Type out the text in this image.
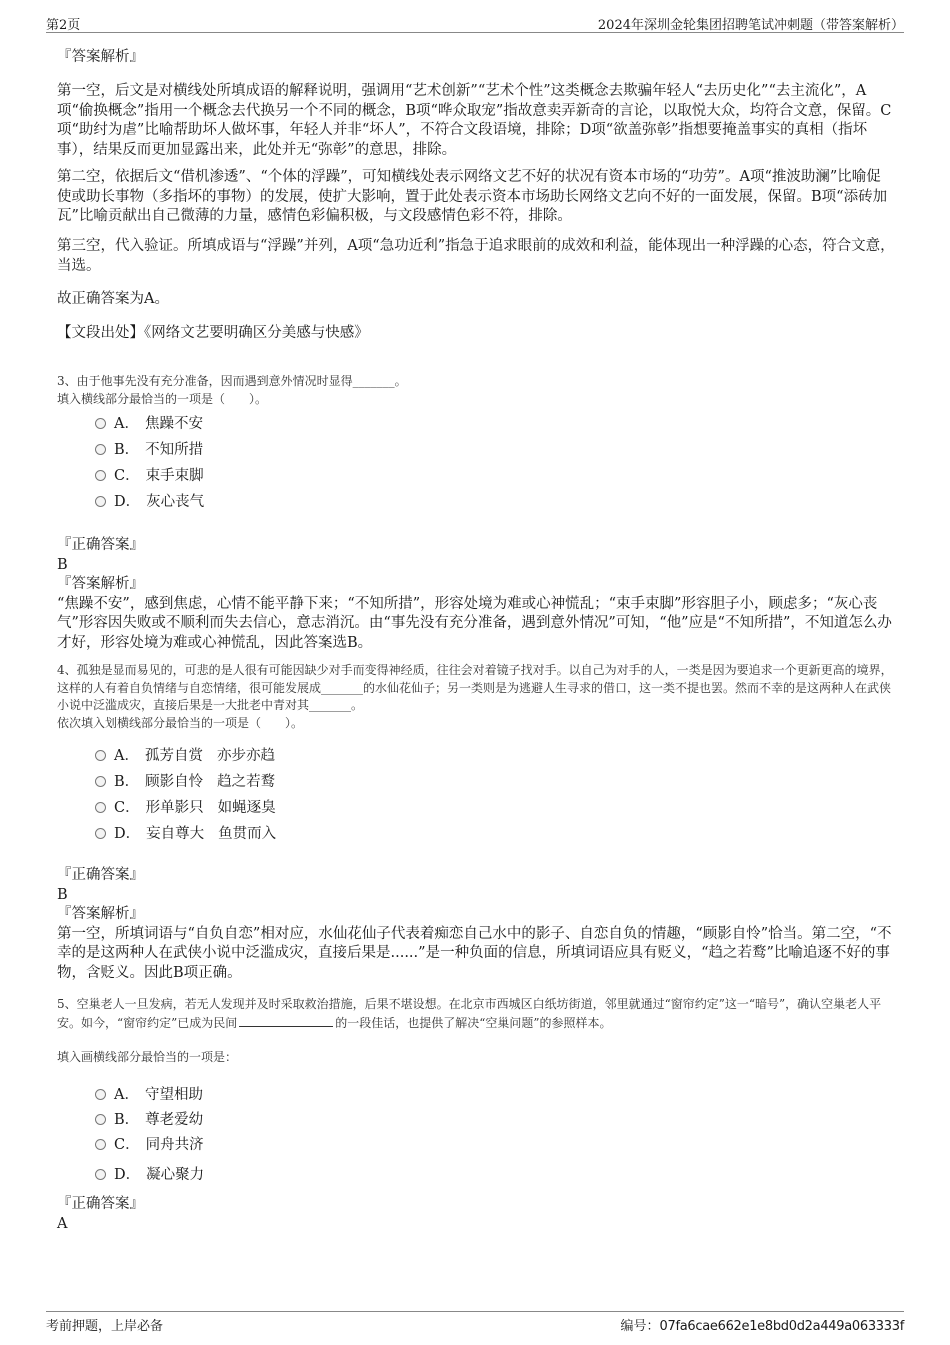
第2页	2024年深圳金轮集团招聘笔试冲刺题（带答案解析）

『答案解析』

第一空，后文是对横线处所填成语的解释说明，强调用“艺术创新”“艺术个性”这类概念去欺骗年轻人“去历史化”“去主流化”，A项“偷换概念”指用一个概念去代换另一个不同的概念，B项“哗众取宠”指故意卖弄新奇的言论，以取悦大众，均符合文意，保留。C项“助纣为虐”比喻帮助坏人做坏事，年轻人并非“坏人”，不符合文段语境，排除；D项“欲盖弥彰”指想要掩盖事实的真相（指坏事），结果反而更加显露出来，此处并无“弥彰”的意思，排除。

第二空，依据后文“借机渗透”、“个体的浮躁”，可知横线处表示网络文艺不好的状况有资本市场的“功劳”。A项“推波助澜”比喻促使或助长事物（多指坏的事物）的发展，使扩大影响，置于此处表示资本市场助长网络文艺向不好的一面发展，保留。B项“添砖加瓦”比喻贡献出自己微薄的力量，感情色彩偏积极，与文段感情色彩不符，排除。

第三空，代入验证。所填成语与“浮躁”并列，A项“急功近利”指急于追求眼前的成效和利益，能体现出一种浮躁的心态，符合文意，当选。

故正确答案为A。

【文段出处】《网络文艺要明确区分美感与快感》

3、由于他事先没有充分准备，因而遇到意外情况时显得_______。

填入横线部分最恰当的一项是（　　）。

A． 焦躁不安
B． 不知所措
C． 束手束脚
D． 灰心丧气

『正确答案』

B

『答案解析』

“焦躁不安”，感到焦虑，心情不能平静下来；“不知所措”，形容处境为难或心神慌乱；“束手束脚”形容胆子小，顾虑多；“灰心丧气”形容因失败或不顺利而失去信心，意志消沉。由“事先没有充分准备，遇到意外情况”可知，“他”应是“不知所措”，不知道怎么办才好，形容处境为难或心神慌乱，因此答案选B。

4、孤独是显而易见的，可悲的是人很有可能因缺少对手而变得神经质，往往会对着镜子找对手。以自己为对手的人，一类是因为要追求一个更新更高的境界，这样的人有着自负情绪与自恋情绪，很可能发展成_______的水仙花仙子；另一类则是为逃避人生寻求的借口，这一类不提也罢。然而不幸的是这两种人在武侠小说中泛滥成灾，直接后果是一大批老中青对其_______。

依次填入划横线部分最恰当的一项是（　　）。

A． 孤芳自赏 亦步亦趋
B． 顾影自怜 趋之若鹜
C． 形单影只 如蝇逐臭
D． 妄自尊大 鱼贯而入

『正确答案』

B

『答案解析』

第一空，所填词语与“自负自恋”相对应，水仙花仙子代表着痴恋自己水中的影子、自恋自负的情趣，“顾影自怜”恰当。第二空，“不幸的是这两种人在武侠小说中泛滥成灾，直接后果是......”是一种负面的信息，所填词语应具有贬义，“趋之若鹜”比喻追逐不好的事物，含贬义。因此B项正确。

5、空巢老人一旦发病，若无人发现并及时采取救治措施，后果不堪设想。在北京市西城区白纸坊街道，邻里就通过“窗帘约定”这一“暗号”，确认空巢老人平安。如今，“窗帘约定”已成为民间	的一段佳话，也提供了解决“空巢问题”的参照样本。

填入画横线部分最恰当的一项是：

A． 守望相助
B． 尊老爱幼
C． 同舟共济
D． 凝心聚力

『正确答案』

A

考前押题，上岸必备	编号：07fa6cae662e1e8bd0d2a449a063333f
